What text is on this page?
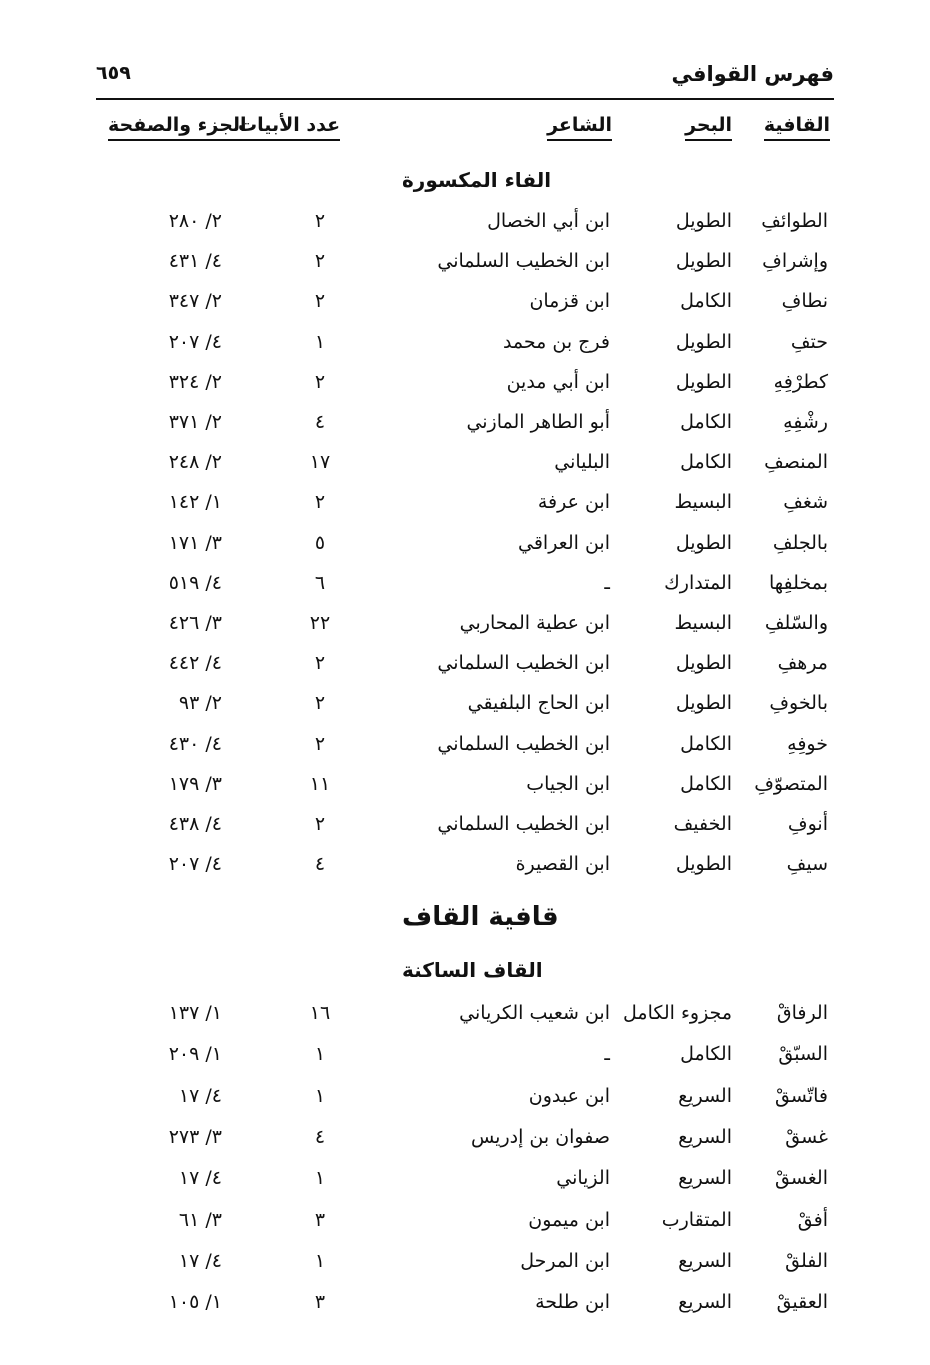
فهرس القوافي
٦٥٩
القافية
البحر
الشاعر
عدد الأبيات
الجزء والصفحة
الفاء المكسورة
الطوائفِ
الطويل
ابن أبي الخصال
٢
٢/ ٢٨٠
وإشرافِ
الطويل
ابن الخطيب السلماني
٢
٤/ ٤٣١
نطافِ
الكامل
ابن قزمان
٢
٢/ ٣٤٧
حتفِ
الطويل
فرج بن محمد
١
٤/ ٢٠٧
كطرْفِهِ
الطويل
ابن أبي مدين
٢
٢/ ٣٢٤
رشْفِهِ
الكامل
أبو الطاهر المازني
٤
٢/ ٣٧١
المنصفِ
الكامل
البلياني
١٧
٢/ ٢٤٨
شغفِ
البسيط
ابن عرفة
٢
١/ ١٤٢
بالجلفِ
الطويل
ابن العراقي
٥
٣/ ١٧١
بمخلفِها
المتدارك
ـ
٦
٤/ ٥١٩
والسّلفِ
البسيط
ابن عطية المحاربي
٢٢
٣/ ٤٢٦
مرهفِ
الطويل
ابن الخطيب السلماني
٢
٤/ ٤٤٢
بالخوفِ
الطويل
ابن الحاج البلفيقي
٢
٢/ ٩٣
خوفِهِ
الكامل
ابن الخطيب السلماني
٢
٤/ ٤٣٠
المتصوّفِ
الكامل
ابن الجياب
١١
٣/ ١٧٩
أنوفِ
الخفيف
ابن الخطيب السلماني
٢
٤/ ٤٣٨
سيفِ
الطويل
ابن القصيرة
٤
٤/ ٢٠٧
قافية القاف
القاف الساكنة
الرفاقْ
مجزوء الكامل
ابن شعيب الكرياني
١٦
١/ ١٣٧
السبّقْ
الكامل
ـ
١
١/ ٢٠٩
فاتّسقْ
السريع
ابن عبدون
١
٤/ ١٧
غسقْ
السريع
صفوان بن إدريس
٤
٣/ ٢٧٣
الغسقْ
السريع
الزياني
١
٤/ ١٧
أفقْ
المتقارب
ابن ميمون
٣
٣/ ٦١
الفلقْ
السريع
ابن المرحل
١
٤/ ١٧
العقيقْ
السريع
ابن طلحة
٣
١/ ١٠٥
